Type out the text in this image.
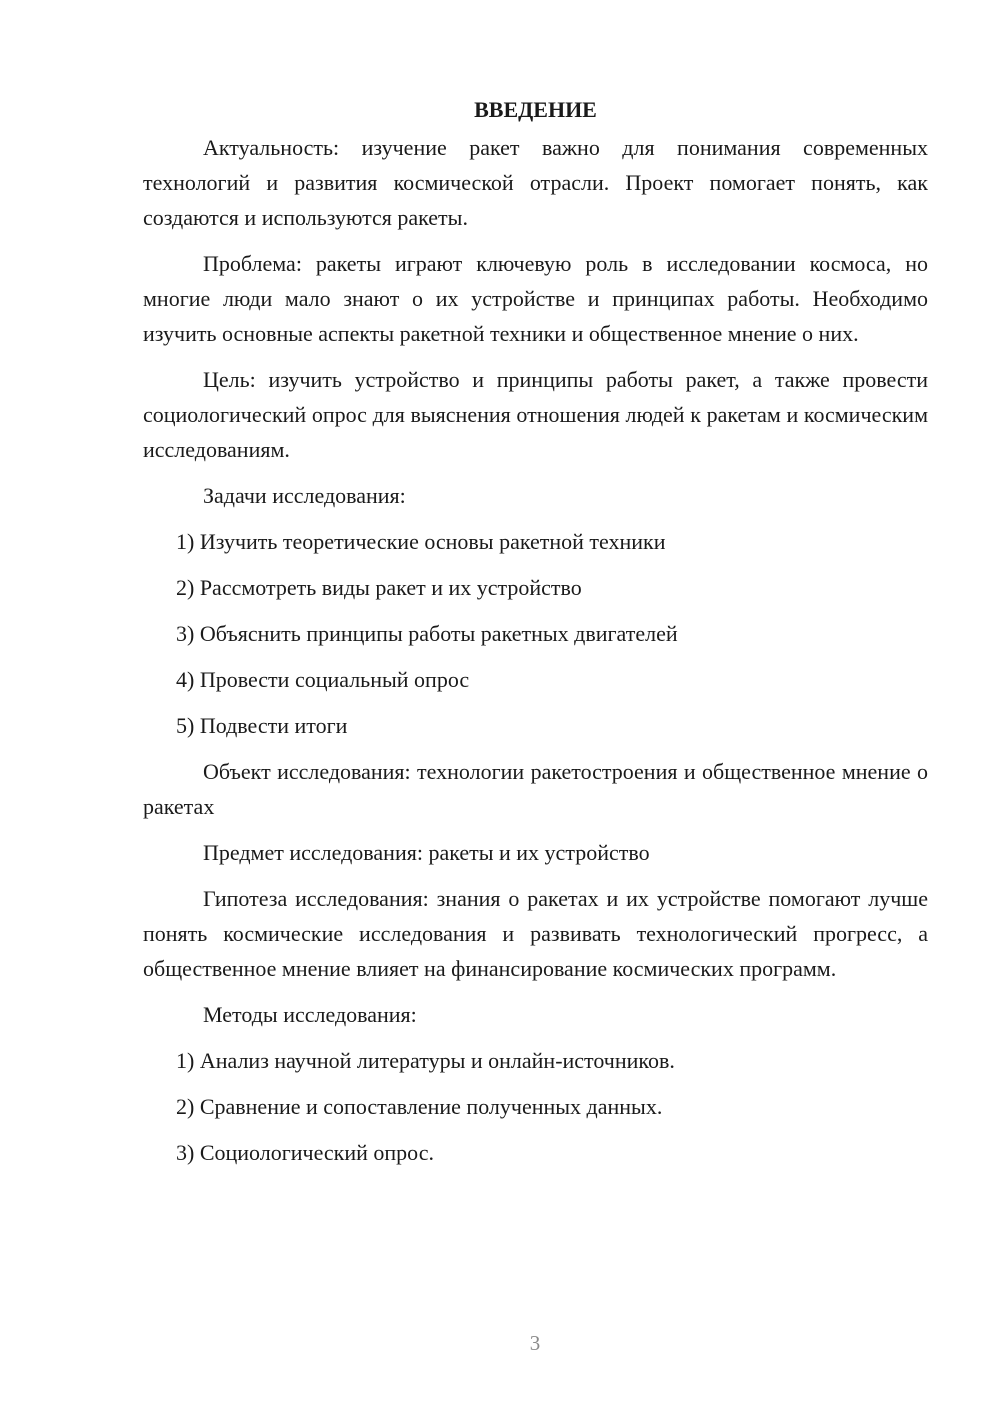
ВВЕДЕНИЕ

Актуальность: изучение ракет важно для понимания современных технологий и развития космической отрасли. Проект помогает понять, как создаются и используются ракеты.

Проблема: ракеты играют ключевую роль в исследовании космоса, но многие люди мало знают о их устройстве и принципах работы. Необходимо изучить основные аспекты ракетной техники и общественное мнение о них.

Цель: изучить устройство и принципы работы ракет, а также провести социологический опрос для выяснения отношения людей к ракетам и космическим исследованиям.

Задачи исследования:

1) Изучить теоретические основы ракетной техники

2) Рассмотреть виды ракет и их устройство

3) Объяснить принципы работы ракетных двигателей

4) Провести социальный опрос

5) Подвести итоги

Объект исследования: технологии ракетостроения и общественное мнение о ракетах

Предмет исследования: ракеты и их устройство

Гипотеза исследования: знания о ракетах и их устройстве помогают лучше понять космические исследования и развивать технологический прогресс, а общественное мнение влияет на финансирование космических программ.

Методы исследования:

1) Анализ научной литературы и онлайн-источников.

2) Сравнение и сопоставление полученных данных.

3) Социологический опрос.

3
